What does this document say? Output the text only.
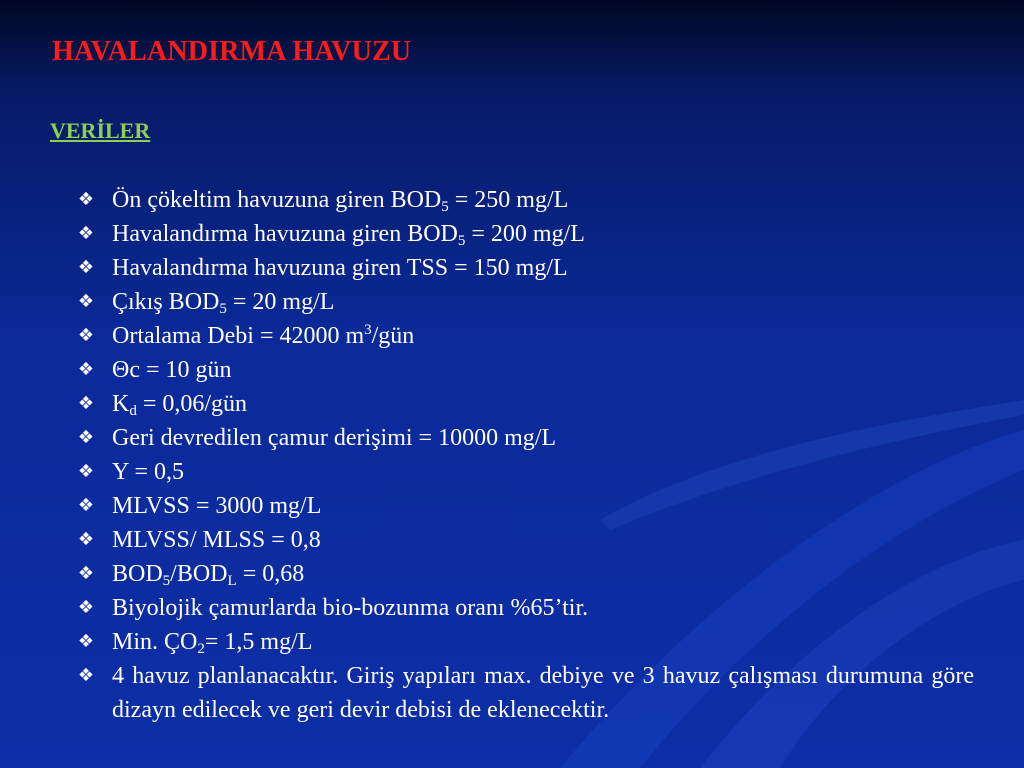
HAVALANDIRMA HAVUZU
VERİLER
❖ Ön çökeltim havuzuna giren $BOD_5 = 250$ mg/L
❖ Havalandırma havuzuna giren $BOD_5 = 200$ mg/L
❖ Havalandırma havuzuna giren TSS = 150 mg/L
❖ Çıkış $BOD_5 = 20$ mg/L
❖ Ortalama Debi = 42000 $m^3$/gün
❖ Θc = 10 gün
❖ $K_d$ = 0,06/gün
❖ Geri devredilen çamur derişimi = 10000 mg/L
❖ Y = 0,5
❖ MLVSS = 3000 mg/L
❖ MLVSS/ MLSS = 0,8
❖ $BOD_5/BOD_L = 0,68$
❖ Biyolojik çamurlarda bio-bozunma oranı %65’tir.
❖ Min. $ÇO_2= 1,5$ mg/L
❖ 4 havuz planlanacaktır. Giriş yapıları max. debiye ve 3 havuz çalışması durumuna göre dizayn edilecek ve geri devir debisi de eklenecektir.
